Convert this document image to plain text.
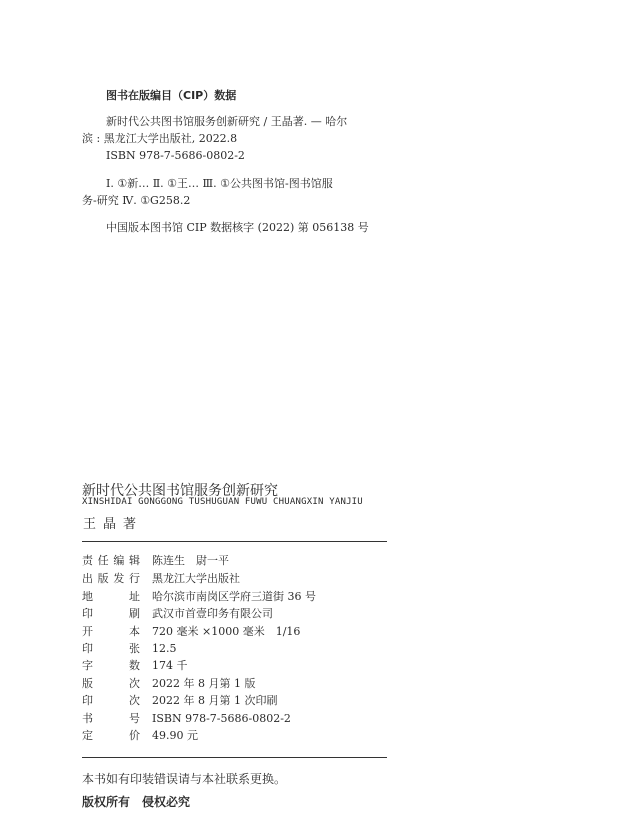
图书在版编目（CIP）数据
新时代公共图书馆服务创新研究 / 王晶著. — 哈尔
滨 : 黑龙江大学出版社, 2022.8
ISBN 978-7-5686-0802-2
Ⅰ. ①新… Ⅱ. ①王… Ⅲ. ①公共图书馆-图书馆服
务-研究 Ⅳ. ①G258.2
中国版本图书馆 CIP 数据核字 (2022) 第 056138 号
新时代公共图书馆服务创新研究
XINSHIDAI GONGGONG TUSHUGUAN FUWU CHUANGXIN YANJIU
王晶著
责任编辑 陈连生　尉一平
出版发行 黑龙江大学出版社
地址 哈尔滨市南岗区学府三道街 36 号
印刷 武汉市首壹印务有限公司
开本 720 毫米 ×1000 毫米　1/16
印张 12.5
字数 174 千
版次 2022 年 8 月第 1 版
印次 2022 年 8 月第 1 次印刷
书号 ISBN 978-7-5686-0802-2
定价 49.90 元
本书如有印装错误请与本社联系更换。
版权所有　侵权必究
